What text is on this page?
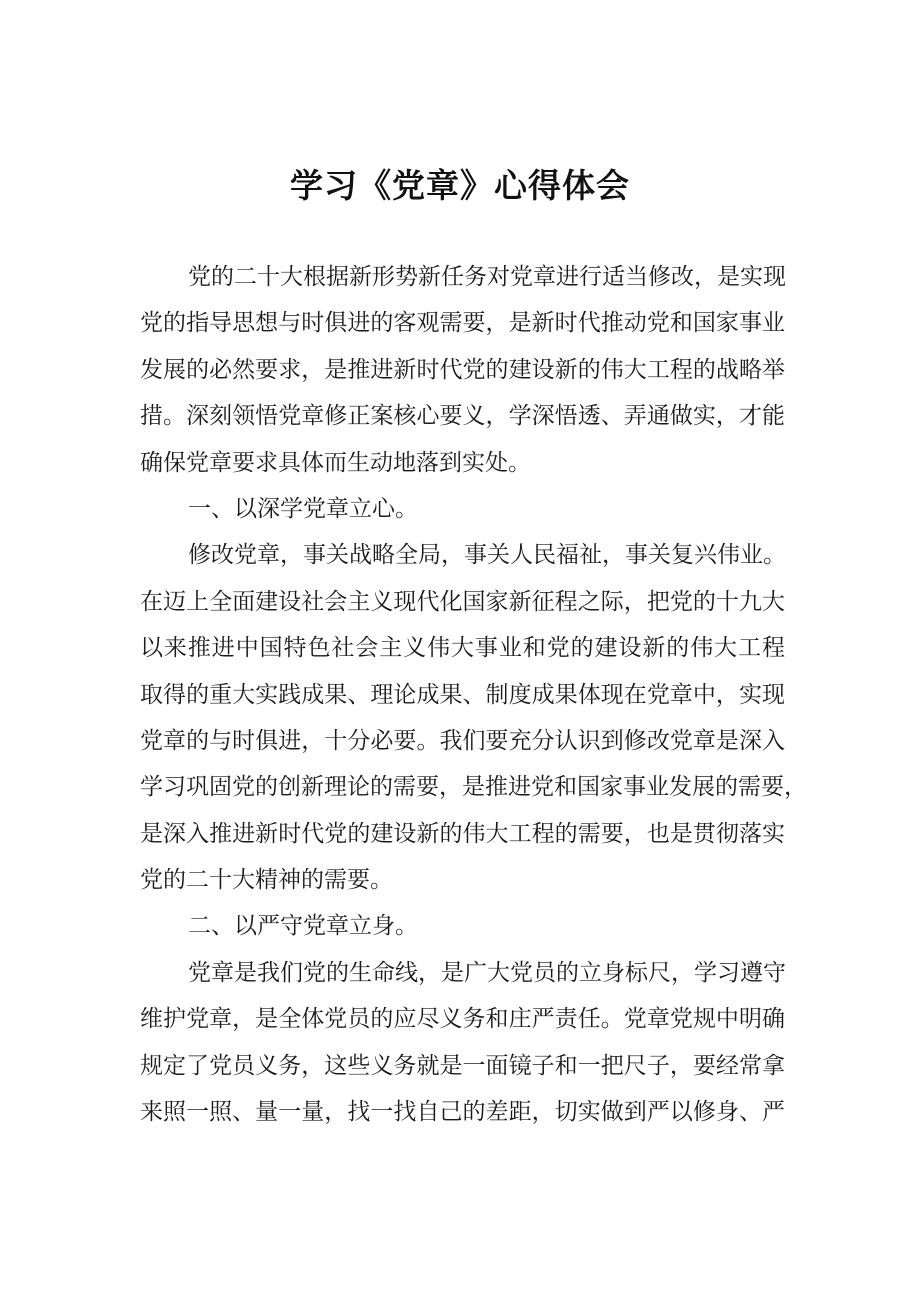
学习《党章》心得体会
党的二十大根据新形势新任务对党章进行适当修改，是实现
党的指导思想与时俱进的客观需要，是新时代推动党和国家事业
发展的必然要求，是推进新时代党的建设新的伟大工程的战略举
措。深刻领悟党章修正案核心要义，学深悟透、弄通做实，才能
确保党章要求具体而生动地落到实处。
一、以深学党章立心。
修改党章，事关战略全局，事关人民福祉，事关复兴伟业。
在迈上全面建设社会主义现代化国家新征程之际，把党的十九大
以来推进中国特色社会主义伟大事业和党的建设新的伟大工程
取得的重大实践成果、理论成果、制度成果体现在党章中，实现
党章的与时俱进，十分必要。我们要充分认识到修改党章是深入
学习巩固党的创新理论的需要，是推进党和国家事业发展的需要，
是深入推进新时代党的建设新的伟大工程的需要，也是贯彻落实
党的二十大精神的需要。
二、以严守党章立身。
党章是我们党的生命线，是广大党员的立身标尺，学习遵守
维护党章，是全体党员的应尽义务和庄严责任。党章党规中明确
规定了党员义务，这些义务就是一面镜子和一把尺子，要经常拿
来照一照、量一量，找一找自己的差距，切实做到严以修身、严
